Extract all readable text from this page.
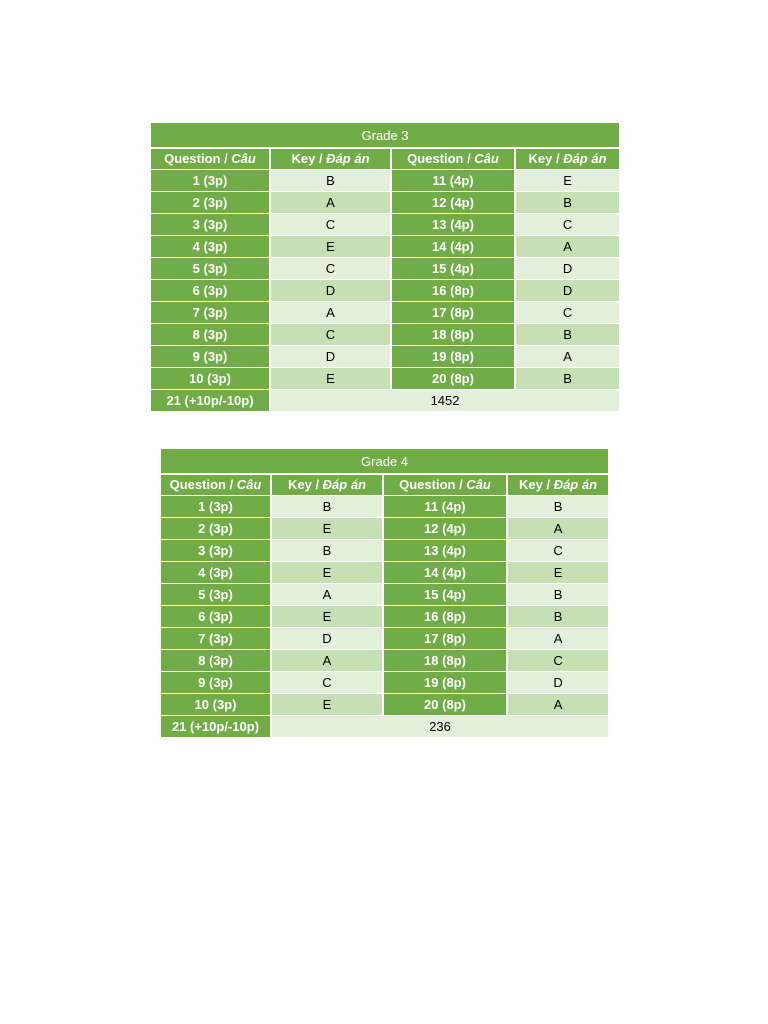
Grade 3			
Question / Câu	Key / Đáp án	Question / Câu	Key / Đáp án
1 (3p)	B	11 (4p)	E
2 (3p)	A	12 (4p)	B
3 (3p)	C	13 (4p)	C
4 (3p)	E	14 (4p)	A
5 (3p)	C	15 (4p)	D
6 (3p)	D	16 (8p)	D
7 (3p)	A	17 (8p)	C
8 (3p)	C	18 (8p)	B
9 (3p)	D	19 (8p)	A
10 (3p)	E	20 (8p)	B
21 (+10p/-10p)	1452		
Grade 4			
Question / Câu	Key / Đáp án	Question / Câu	Key / Đáp án
1 (3p)	B	11 (4p)	B
2 (3p)	E	12 (4p)	A
3 (3p)	B	13 (4p)	C
4 (3p)	E	14 (4p)	E
5 (3p)	A	15 (4p)	B
6 (3p)	E	16 (8p)	B
7 (3p)	D	17 (8p)	A
8 (3p)	A	18 (8p)	C
9 (3p)	C	19 (8p)	D
10 (3p)	E	20 (8p)	A
21 (+10p/-10p)	236		
